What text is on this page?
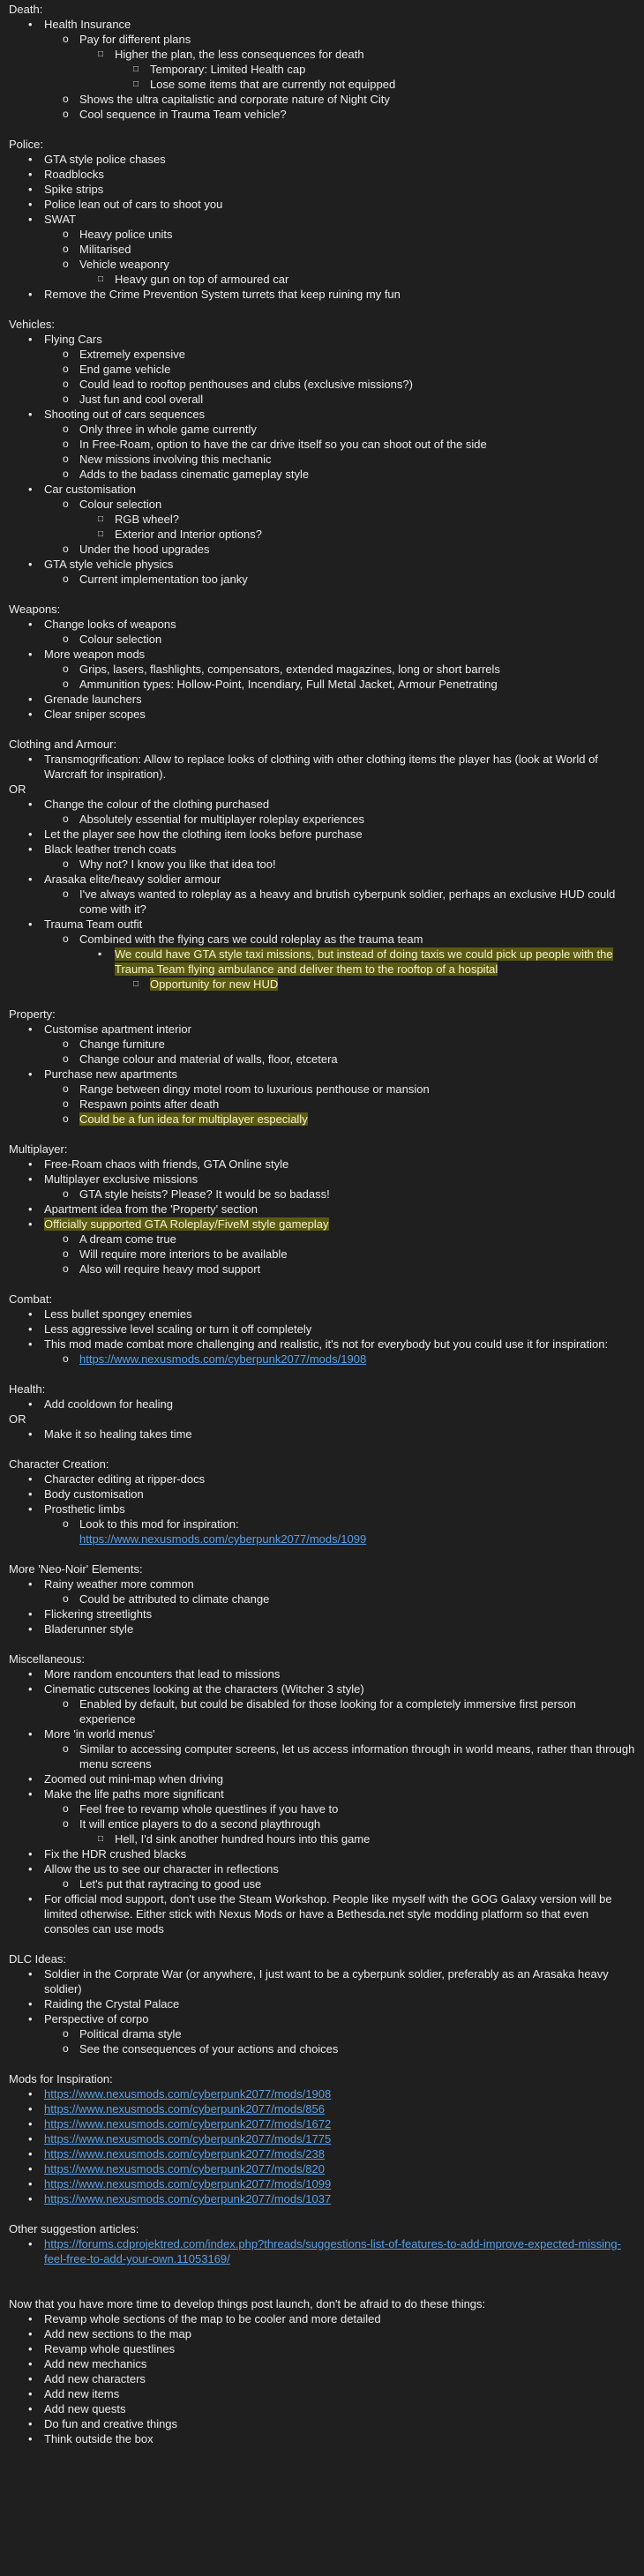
Death:
• Health Insurance
o Pay for different plans
□ Higher the plan, the less consequences for death
□ Temporary: Limited Health cap
□ Lose some items that are currently not equipped
o Shows the ultra capitalistic and corporate nature of Night City
o Cool sequence in Trauma Team vehicle?
Police:
• GTA style police chases
• Roadblocks
• Spike strips
• Police lean out of cars to shoot you
• SWAT
o Heavy police units
o Militarised
o Vehicle weaponry
□ Heavy gun on top of armoured car
• Remove the Crime Prevention System turrets that keep ruining my fun
Vehicles:
• Flying Cars
o Extremely expensive
o End game vehicle
o Could lead to rooftop penthouses and clubs (exclusive missions?)
o Just fun and cool overall
• Shooting out of cars sequences
o Only three in whole game currently
o In Free-Roam, option to have the car drive itself so you can shoot out of the side
o New missions involving this mechanic
o Adds to the badass cinematic gameplay style
• Car customisation
o Colour selection
□ RGB wheel?
□ Exterior and Interior options?
o Under the hood upgrades
• GTA style vehicle physics
o Current implementation too janky
Weapons:
• Change looks of weapons
o Colour selection
• More weapon mods
o Grips, lasers, flashlights, compensators, extended magazines, long or short barrels
o Ammunition types: Hollow-Point, Incendiary, Full Metal Jacket, Armour Penetrating
• Grenade launchers
• Clear sniper scopes
Clothing and Armour:
• Transmogrification: Allow to replace looks of clothing with other clothing items the player has (look at World of Warcraft for inspiration).
OR
• Change the colour of the clothing purchased
o Absolutely essential for multiplayer roleplay experiences
• Let the player see how the clothing item looks before purchase
• Black leather trench coats
o Why not? I know you like that idea too!
• Arasaka elite/heavy soldier armour
o I've always wanted to roleplay as a heavy and brutish cyberpunk soldier, perhaps an exclusive HUD could come with it?
• Trauma Team outfit
o Combined with the flying cars we could roleplay as the trauma team
▪ We could have GTA style taxi missions, but instead of doing taxis we could pick up people with the Trauma Team flying ambulance and deliver them to the rooftop of a hospital
□ Opportunity for new HUD
Property:
• Customise apartment interior
o Change furniture
o Change colour and material of walls, floor, etcetera
• Purchase new apartments
o Range between dingy motel room to luxurious penthouse or mansion
o Respawn points after death
o Could be a fun idea for multiplayer especially
Multiplayer:
• Free-Roam chaos with friends, GTA Online style
• Multiplayer exclusive missions
o GTA style heists? Please? It would be so badass!
• Apartment idea from the 'Property' section
• Officially supported GTA Roleplay/FiveM style gameplay
o A dream come true
o Will require more interiors to be available
o Also will require heavy mod support
Combat:
• Less bullet spongey enemies
• Less aggressive level scaling or turn it off completely
• This mod made combat more challenging and realistic, it's not for everybody but you could use it for inspiration:
o https://www.nexusmods.com/cyberpunk2077/mods/1908
Health:
• Add cooldown for healing
OR
• Make it so healing takes time
Character Creation:
• Character editing at ripper-docs
• Body customisation
• Prosthetic limbs
o Look to this mod for inspiration:
https://www.nexusmods.com/cyberpunk2077/mods/1099
More 'Neo-Noir' Elements:
• Rainy weather more common
o Could be attributed to climate change
• Flickering streetlights
• Bladerunner style
Miscellaneous:
• More random encounters that lead to missions
• Cinematic cutscenes looking at the characters (Witcher 3 style)
o Enabled by default, but could be disabled for those looking for a completely immersive first person experience
• More 'in world menus'
o Similar to accessing computer screens, let us access information through in world means, rather than through menu screens
• Zoomed out mini-map when driving
• Make the life paths more significant
o Feel free to revamp whole questlines if you have to
o It will entice players to do a second playthrough
□ Hell, I'd sink another hundred hours into this game
• Fix the HDR crushed blacks
• Allow the us to see our character in reflections
o Let's put that raytracing to good use
• For official mod support, don't use the Steam Workshop. People like myself with the GOG Galaxy version will be limited otherwise. Either stick with Nexus Mods or have a Bethesda.net style modding platform so that even consoles can use mods
DLC Ideas:
• Soldier in the Corprate War (or anywhere, I just want to be a cyberpunk soldier, preferably as an Arasaka heavy soldier)
• Raiding the Crystal Palace
• Perspective of corpo
o Political drama style
o See the consequences of your actions and choices
Mods for Inspiration:
• https://www.nexusmods.com/cyberpunk2077/mods/1908
• https://www.nexusmods.com/cyberpunk2077/mods/856
• https://www.nexusmods.com/cyberpunk2077/mods/1672
• https://www.nexusmods.com/cyberpunk2077/mods/1775
• https://www.nexusmods.com/cyberpunk2077/mods/238
• https://www.nexusmods.com/cyberpunk2077/mods/820
• https://www.nexusmods.com/cyberpunk2077/mods/1099
• https://www.nexusmods.com/cyberpunk2077/mods/1037
Other suggestion articles:
• https://forums.cdprojektred.com/index.php?threads/suggestions-list-of-features-to-add-improve-expected-missing-feel-free-to-add-your-own.11053169/
Now that you have more time to develop things post launch, don't be afraid to do these things:
• Revamp whole sections of the map to be cooler and more detailed
• Add new sections to the map
• Revamp whole questlines
• Add new mechanics
• Add new characters
• Add new items
• Add new quests
• Do fun and creative things
• Think outside the box
